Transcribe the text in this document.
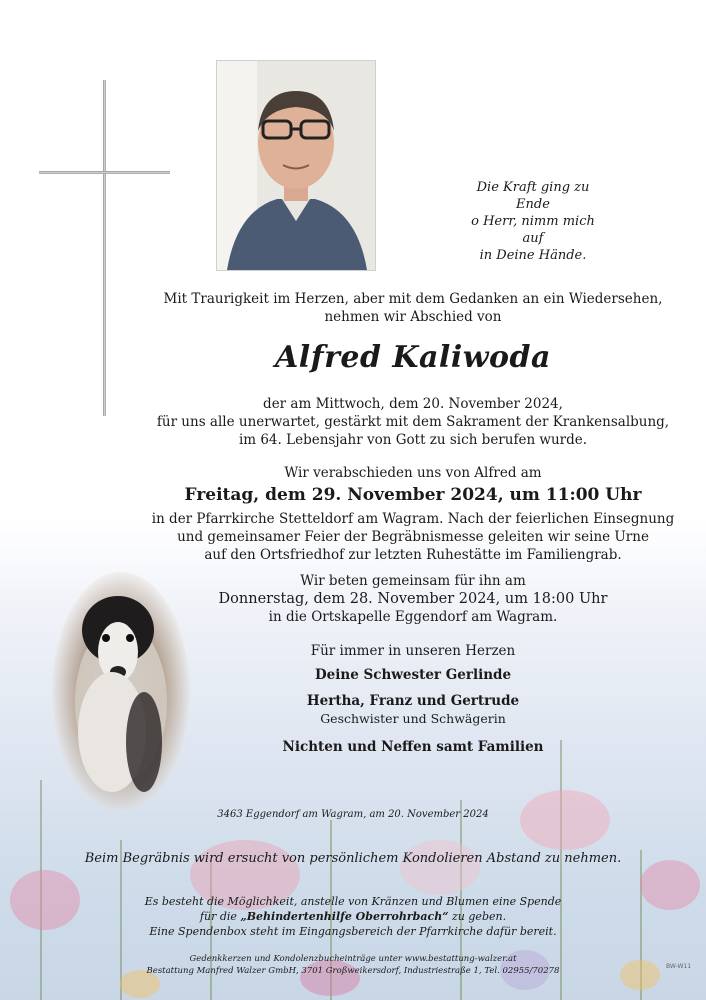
Die Kraft ging zu Ende
o Herr, nimm mich auf
in Deine Hände.
Mit Traurigkeit im Herzen, aber mit dem Gedanken an ein Wiedersehen,
nehmen wir Abschied von
Alfred Kaliwoda
der am Mittwoch, dem 20. November 2024,
für uns alle unerwartet, gestärkt mit dem Sakrament der Krankensalbung,
im 64. Lebensjahr von Gott zu sich berufen wurde.
Wir verabschieden uns von Alfred am
Freitag, dem 29. November 2024, um 11:00 Uhr
in der Pfarrkirche Stetteldorf am Wagram. Nach der feierlichen Einsegnung
und gemeinsamer Feier der Begräbnismesse geleiten wir seine Urne
auf den Ortsfriedhof zur letzten Ruhestätte im Familiengrab.
Wir beten gemeinsam für ihn am
Donnerstag, dem 28. November 2024, um 18:00 Uhr
in die Ortskapelle Eggendorf am Wagram.
Für immer in unseren Herzen
Deine Schwester Gerlinde
Hertha, Franz und Gertrude
Geschwister und Schwägerin
Nichten und Neffen samt Familien
3463 Eggendorf am Wagram, am 20. November 2024
Beim Begräbnis wird ersucht von persönlichem Kondolieren Abstand zu nehmen.
Es besteht die Möglichkeit, anstelle von Kränzen und Blumen eine Spende
für die „Behindertenhilfe Oberrohrbach“ zu geben.
Eine Spendenbox steht im Eingangsbereich der Pfarrkirche dafür bereit.
Gedenkkerzen und Kondolenzbucheinträge unter www.bestattung-walzer.at
Bestattung Manfred Walzer GmbH, 3701 Großweikersdorf, Industriestraße 1, Tel. 02955/70278	BW-W11
